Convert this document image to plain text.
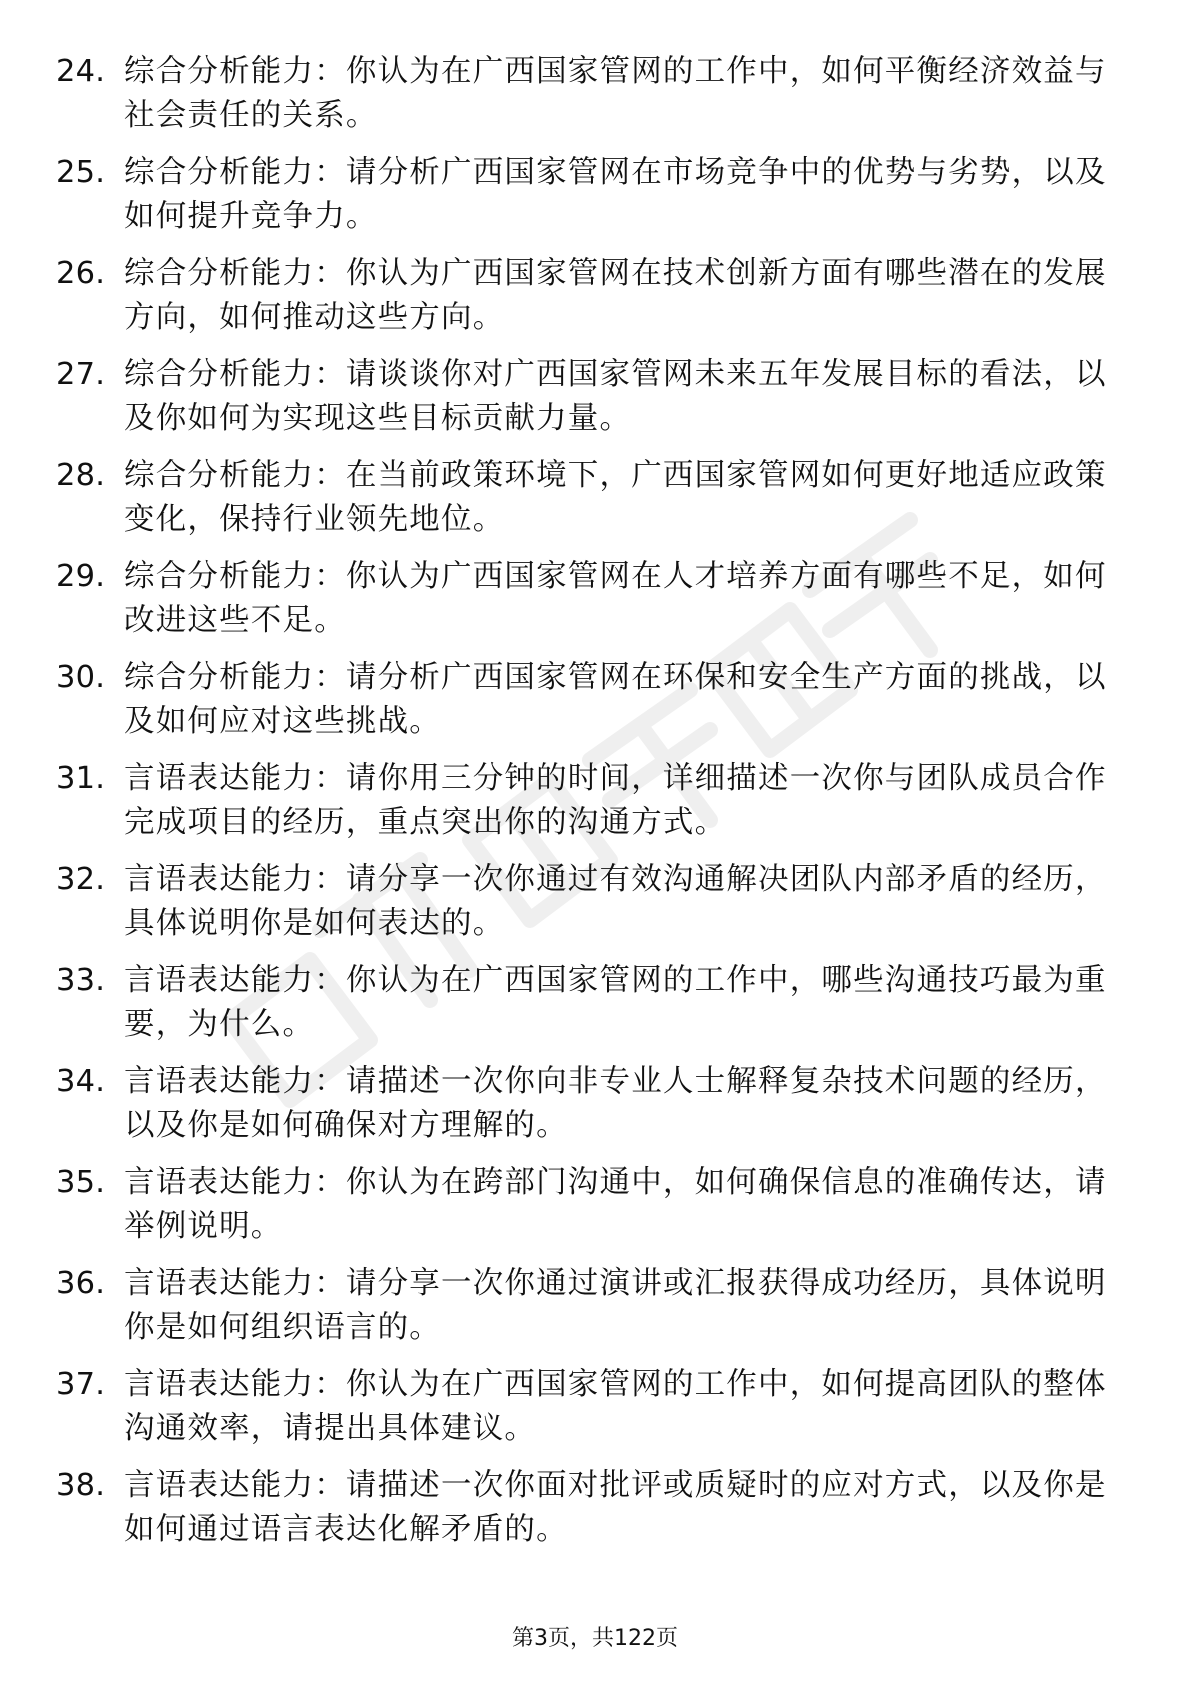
24. 综合分析能力：你认为在广西国家管网的工作中，如何平衡经济效益与社会责任的关系。
25. 综合分析能力：请分析广西国家管网在市场竞争中的优势与劣势，以及如何提升竞争力。
26. 综合分析能力：你认为广西国家管网在技术创新方面有哪些潜在的发展方向，如何推动这些方向。
27. 综合分析能力：请谈谈你对广西国家管网未来五年发展目标的看法，以及你如何为实现这些目标贡献力量。
28. 综合分析能力：在当前政策环境下，广西国家管网如何更好地适应政策变化，保持行业领先地位。
29. 综合分析能力：你认为广西国家管网在人才培养方面有哪些不足，如何改进这些不足。
30. 综合分析能力：请分析广西国家管网在环保和安全生产方面的挑战，以及如何应对这些挑战。
31. 言语表达能力：请你用三分钟的时间，详细描述一次你与团队成员合作完成项目的经历，重点突出你的沟通方式。
32. 言语表达能力：请分享一次你通过有效沟通解决团队内部矛盾的经历，具体说明你是如何表达的。
33. 言语表达能力：你认为在广西国家管网的工作中，哪些沟通技巧最为重要，为什么。
34. 言语表达能力：请描述一次你向非专业人士解释复杂技术问题的经历，以及你是如何确保对方理解的。
35. 言语表达能力：你认为在跨部门沟通中，如何确保信息的准确传达，请举例说明。
36. 言语表达能力：请分享一次你通过演讲或汇报获得成功经历，具体说明你是如何组织语言的。
37. 言语表达能力：你认为在广西国家管网的工作中，如何提高团队的整体沟通效率，请提出具体建议。
38. 言语表达能力：请描述一次你面对批评或质疑时的应对方式，以及你是如何通过语言表达化解矛盾的。
第3页，共122页
